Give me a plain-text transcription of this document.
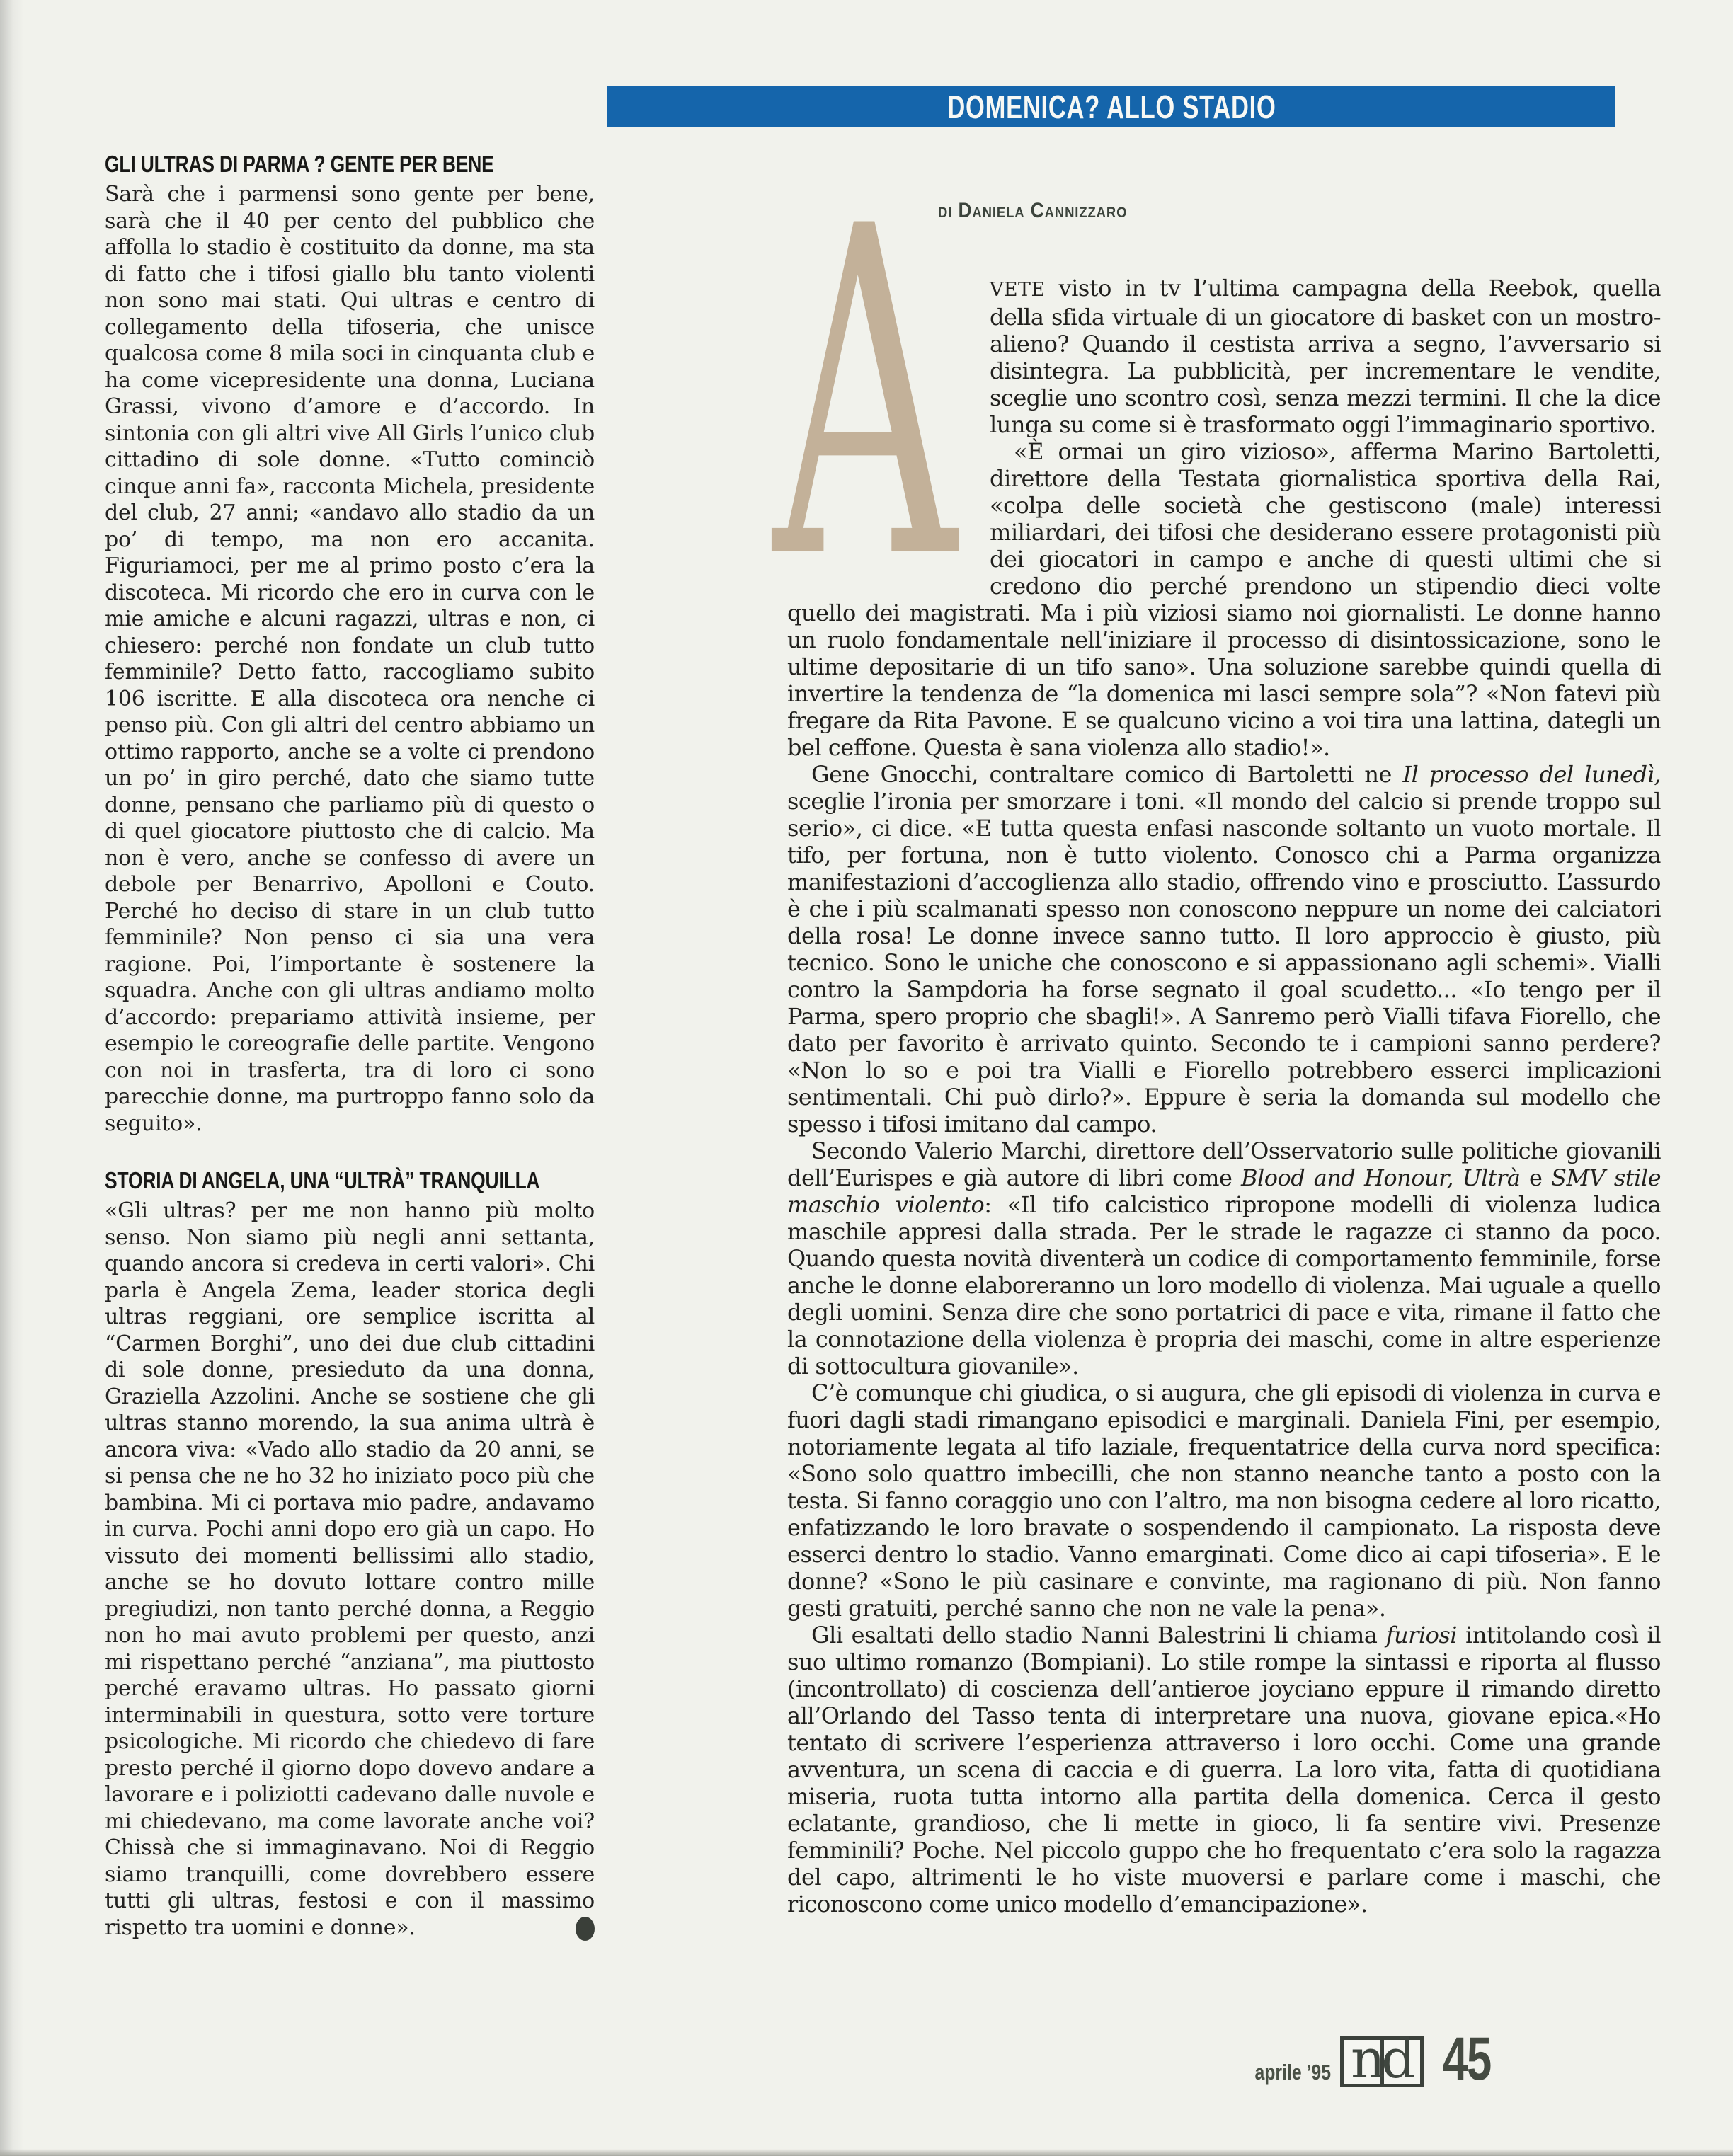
DOMENICA? ALLO STADIO
di Daniela Cannizzaro
GLI ULTRAS DI PARMA ? GENTE PER BENE

Sarà che i parmensi sono gente per bene, sarà che il 40 per cento del pubblico che affolla lo stadio è costituito da donne, ma sta di fatto che i tifosi giallo blu tanto violenti non sono mai stati. Qui ultras e centro di collegamento della tifoseria, che unisce qualcosa come 8 mila soci in cinquanta club e ha come vicepresidente una donna, Luciana Grassi, vivono d’amore e d’accordo. In sintonia con gli altri vive All Girls l’unico club cittadino di sole donne. «Tutto cominciò cinque anni fa», racconta Michela, presidente del club, 27 anni; «andavo allo stadio da un po’ di tempo, ma non ero accanita. Figuriamoci, per me al primo posto c’era la discoteca. Mi ricordo che ero in curva con le mie amiche e alcuni ragazzi, ultras e non, ci chiesero: perché non fondate un club tutto femminile? Detto fatto, raccogliamo subito 106 iscritte. E alla discoteca ora nenche ci penso più. Con gli altri del centro abbiamo un ottimo rapporto, anche se a volte ci prendono un po’ in giro perché, dato che siamo tutte donne, pensano che parliamo più di questo o di quel giocatore piuttosto che di calcio. Ma non è vero, anche se confesso di avere un debole per Benarrivo, Apolloni e Couto. Perché ho deciso di stare in un club tutto femminile? Non penso ci sia una vera ragione. Poi, l’importante è sostenere la squadra. Anche con gli ultras andiamo molto d’accordo: prepariamo attività insieme, per esempio le coreografie delle partite. Vengono con noi in trasferta, tra di loro ci sono parecchie donne, ma purtroppo fanno solo da seguito».

STORIA DI ANGELA, UNA “ULTRÀ” TRANQUILLA

«Gli ultras? per me non hanno più molto senso. Non siamo più negli anni settanta, quando ancora si credeva in certi valori». Chi parla è Angela Zema, leader storica degli ultras reggiani, ore semplice iscritta al “Carmen Borghi”, uno dei due club cittadini di sole donne, presieduto da una donna, Graziella Azzolini. Anche se sostiene che gli ultras stanno morendo, la sua anima ultrà è ancora viva: «Vado allo stadio da 20 anni, se si pensa che ne ho 32 ho iniziato poco più che bambina. Mi ci portava mio padre, andavamo in curva. Pochi anni dopo ero già un capo. Ho vissuto dei momenti bellissimi allo stadio, anche se ho dovuto lottare contro mille pregiudizi, non tanto perché donna, a Reggio non ho mai avuto problemi per questo, anzi mi rispettano perché “anziana”, ma piuttosto perché eravamo ultras. Ho passato giorni interminabili in questura, sotto vere torture psicologiche. Mi ricordo che chiedevo di fare presto perché il giorno dopo dovevo andare a lavorare e i poliziotti cadevano dalle nuvole e mi chiedevano, ma come lavorate anche voi? Chissà che si immaginavano. Noi di Reggio siamo tranquilli, come dovrebbero essere tutti gli ultras, festosi e con il massimo rispetto tra uomini e donne».

A	VETE visto in tv l’ultima campagna della Reebok, quella della sfida virtuale di un giocatore di basket con un mostro-alieno? Quando il cestista arriva a segno, l’avversario si disintegra. La pubblicità, per incrementare le vendite, sceglie uno scontro così, senza mezzi termini. Il che la dice lunga su come si è trasformato oggi l’immaginario sportivo.

«È ormai un giro vizioso», afferma Marino Bartoletti, direttore della Testata giornalistica sportiva della Rai, «colpa delle società che gestiscono (male) interessi miliardari, dei tifosi che desiderano essere protagonisti più dei giocatori in campo e anche di questi ultimi che si credono dio perché prendono un stipendio dieci volte quello dei magistrati. Ma i più viziosi siamo noi giornalisti. Le donne hanno un ruolo fondamentale nell’iniziare il processo di disintossicazione, sono le ultime depositarie di un tifo sano». Una soluzione sarebbe quindi quella di invertire la tendenza de “la domenica mi lasci sempre sola”? «Non fatevi più fregare da Rita Pavone. E se qualcuno vicino a voi tira una lattina, dategli un bel ceffone. Questa è sana violenza allo stadio!».

Gene Gnocchi, contraltare comico di Bartoletti ne Il processo del lunedì, sceglie l’ironia per smorzare i toni. «Il mondo del calcio si prende troppo sul serio», ci dice. «E tutta questa enfasi nasconde soltanto un vuoto mortale. Il tifo, per fortuna, non è tutto violento. Conosco chi a Parma organizza manifestazioni d’accoglienza allo stadio, offrendo vino e prosciutto. L’assurdo è che i più scalmanati spesso non conoscono neppure un nome dei calciatori della rosa! Le donne invece sanno tutto. Il loro approccio è giusto, più tecnico. Sono le uniche che conoscono e si appassionano agli schemi». Vialli contro la Sampdoria ha forse segnato il goal scudetto... «Io tengo per il Parma, spero proprio che sbagli!». A Sanremo però Vialli tifava Fiorello, che dato per favorito è arrivato quinto. Secondo te i campioni sanno perdere? «Non lo so e poi tra Vialli e Fiorello potrebbero esserci implicazioni sentimentali. Chi può dirlo?». Eppure è seria la domanda sul modello che spesso i tifosi imitano dal campo.

Secondo Valerio Marchi, direttore dell’Osservatorio sulle politiche giovanili dell’Eurispes e già autore di libri come Blood and Honour, Ultrà e SMV stile maschio violento: «Il tifo calcistico ripropone modelli di violenza ludica maschile appresi dalla strada. Per le strade le ragazze ci stanno da poco. Quando questa novità diventerà un codice di comportamento femminile, forse anche le donne elaboreranno un loro modello di violenza. Mai uguale a quello degli uomini. Senza dire che sono portatrici di pace e vita, rimane il fatto che la connotazione della violenza è propria dei maschi, come in altre esperienze di sottocultura giovanile».

C’è comunque chi giudica, o si augura, che gli episodi di violenza in curva e fuori dagli stadi rimangano episodici e marginali. Daniela Fini, per esempio, notoriamente legata al tifo laziale, frequentatrice della curva nord specifica: «Sono solo quattro imbecilli, che non stanno neanche tanto a posto con la testa. Si fanno coraggio uno con l’altro, ma non bisogna cedere al loro ricatto, enfatizzando le loro bravate o sospendendo il campionato. La risposta deve esserci dentro lo stadio. Vanno emarginati. Come dico ai capi tifoseria». E le donne? «Sono le più casinare e convinte, ma ragionano di più. Non fanno gesti gratuiti, perché sanno che non ne vale la pena».

Gli esaltati dello stadio Nanni Balestrini li chiama furiosi intitolando così il suo ultimo romanzo (Bompiani). Lo stile rompe la sintassi e riporta al flusso (incontrollato) di coscienza dell’antieroe joyciano eppure il rimando diretto all’Orlando del Tasso tenta di interpretare una nuova, giovane epica.«Ho tentato di scrivere l’esperienza attraverso i loro occhi. Come una grande avventura, un scena di caccia e di guerra. La loro vita, fatta di quotidiana miseria, ruota tutta intorno alla partita della domenica. Cerca il gesto eclatante, grandioso, che li mette in gioco, li fa sentire vivi. Presenze femminili? Poche. Nel piccolo guppo che ho frequentato c’era solo la ragazza del capo, altrimenti le ho viste muoversi e parlare come i maschi, che riconoscono come unico modello d’emancipazione».

aprile ’95 nd 45
